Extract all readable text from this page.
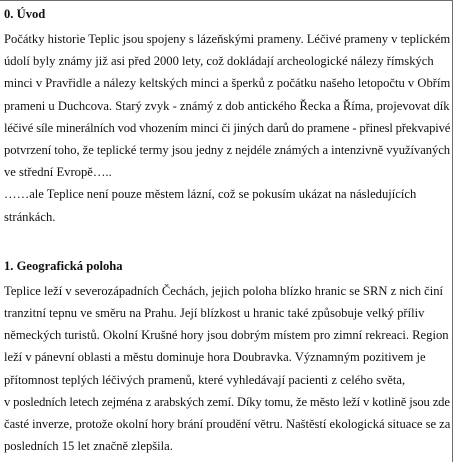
0. Úvod

Počátky historie Teplic jsou spojeny s lázeňskými prameny. Léčivé prameny v teplickém
údolí byly známy již asi před 2000 lety, což dokládají archeologické nálezy římských
minci v Pravřidle a nálezy keltských minci a šperků z počátku našeho letopočtu v Obřím
prameni u Duchcova. Starý zvyk - známý z dob antického Řecka a Říma, projevovat dík
léčivé síle minerálních vod vhozením minci či jiných darů do pramene - přinesl překvapivé
potvrzení toho, že teplické termy jsou jedny z nejdéle známých a intenzivně využívaných
ve střední Evropě…..
……ale Teplice není pouze městem lázní, což se pokusím ukázat na následujících
stránkách.

1. Geografická poloha

Teplice leží v severozápadních Čechách, jejich poloha blízko hranic se SRN z nich činí
tranzitní tepnu ve směru na Prahu. Její blízkost u hranic také způsobuje velký příliv
německých turistů. Okolní Krušné hory jsou dobrým místem pro zimní rekreaci. Region
leží v pánevní oblasti a městu dominuje hora Doubravka. Významným pozitivem je
přítomnost teplých léčivých pramenů, které vyhledávají pacienti z celého světa,
v posledních letech zejména z arabských zemí. Díky tomu, že město leží v kotlině jsou zde
časté inverze, protože okolní hory brání proudění větru. Naštěstí ekologická situace se za
posledních 15 let značně zlepšila.
